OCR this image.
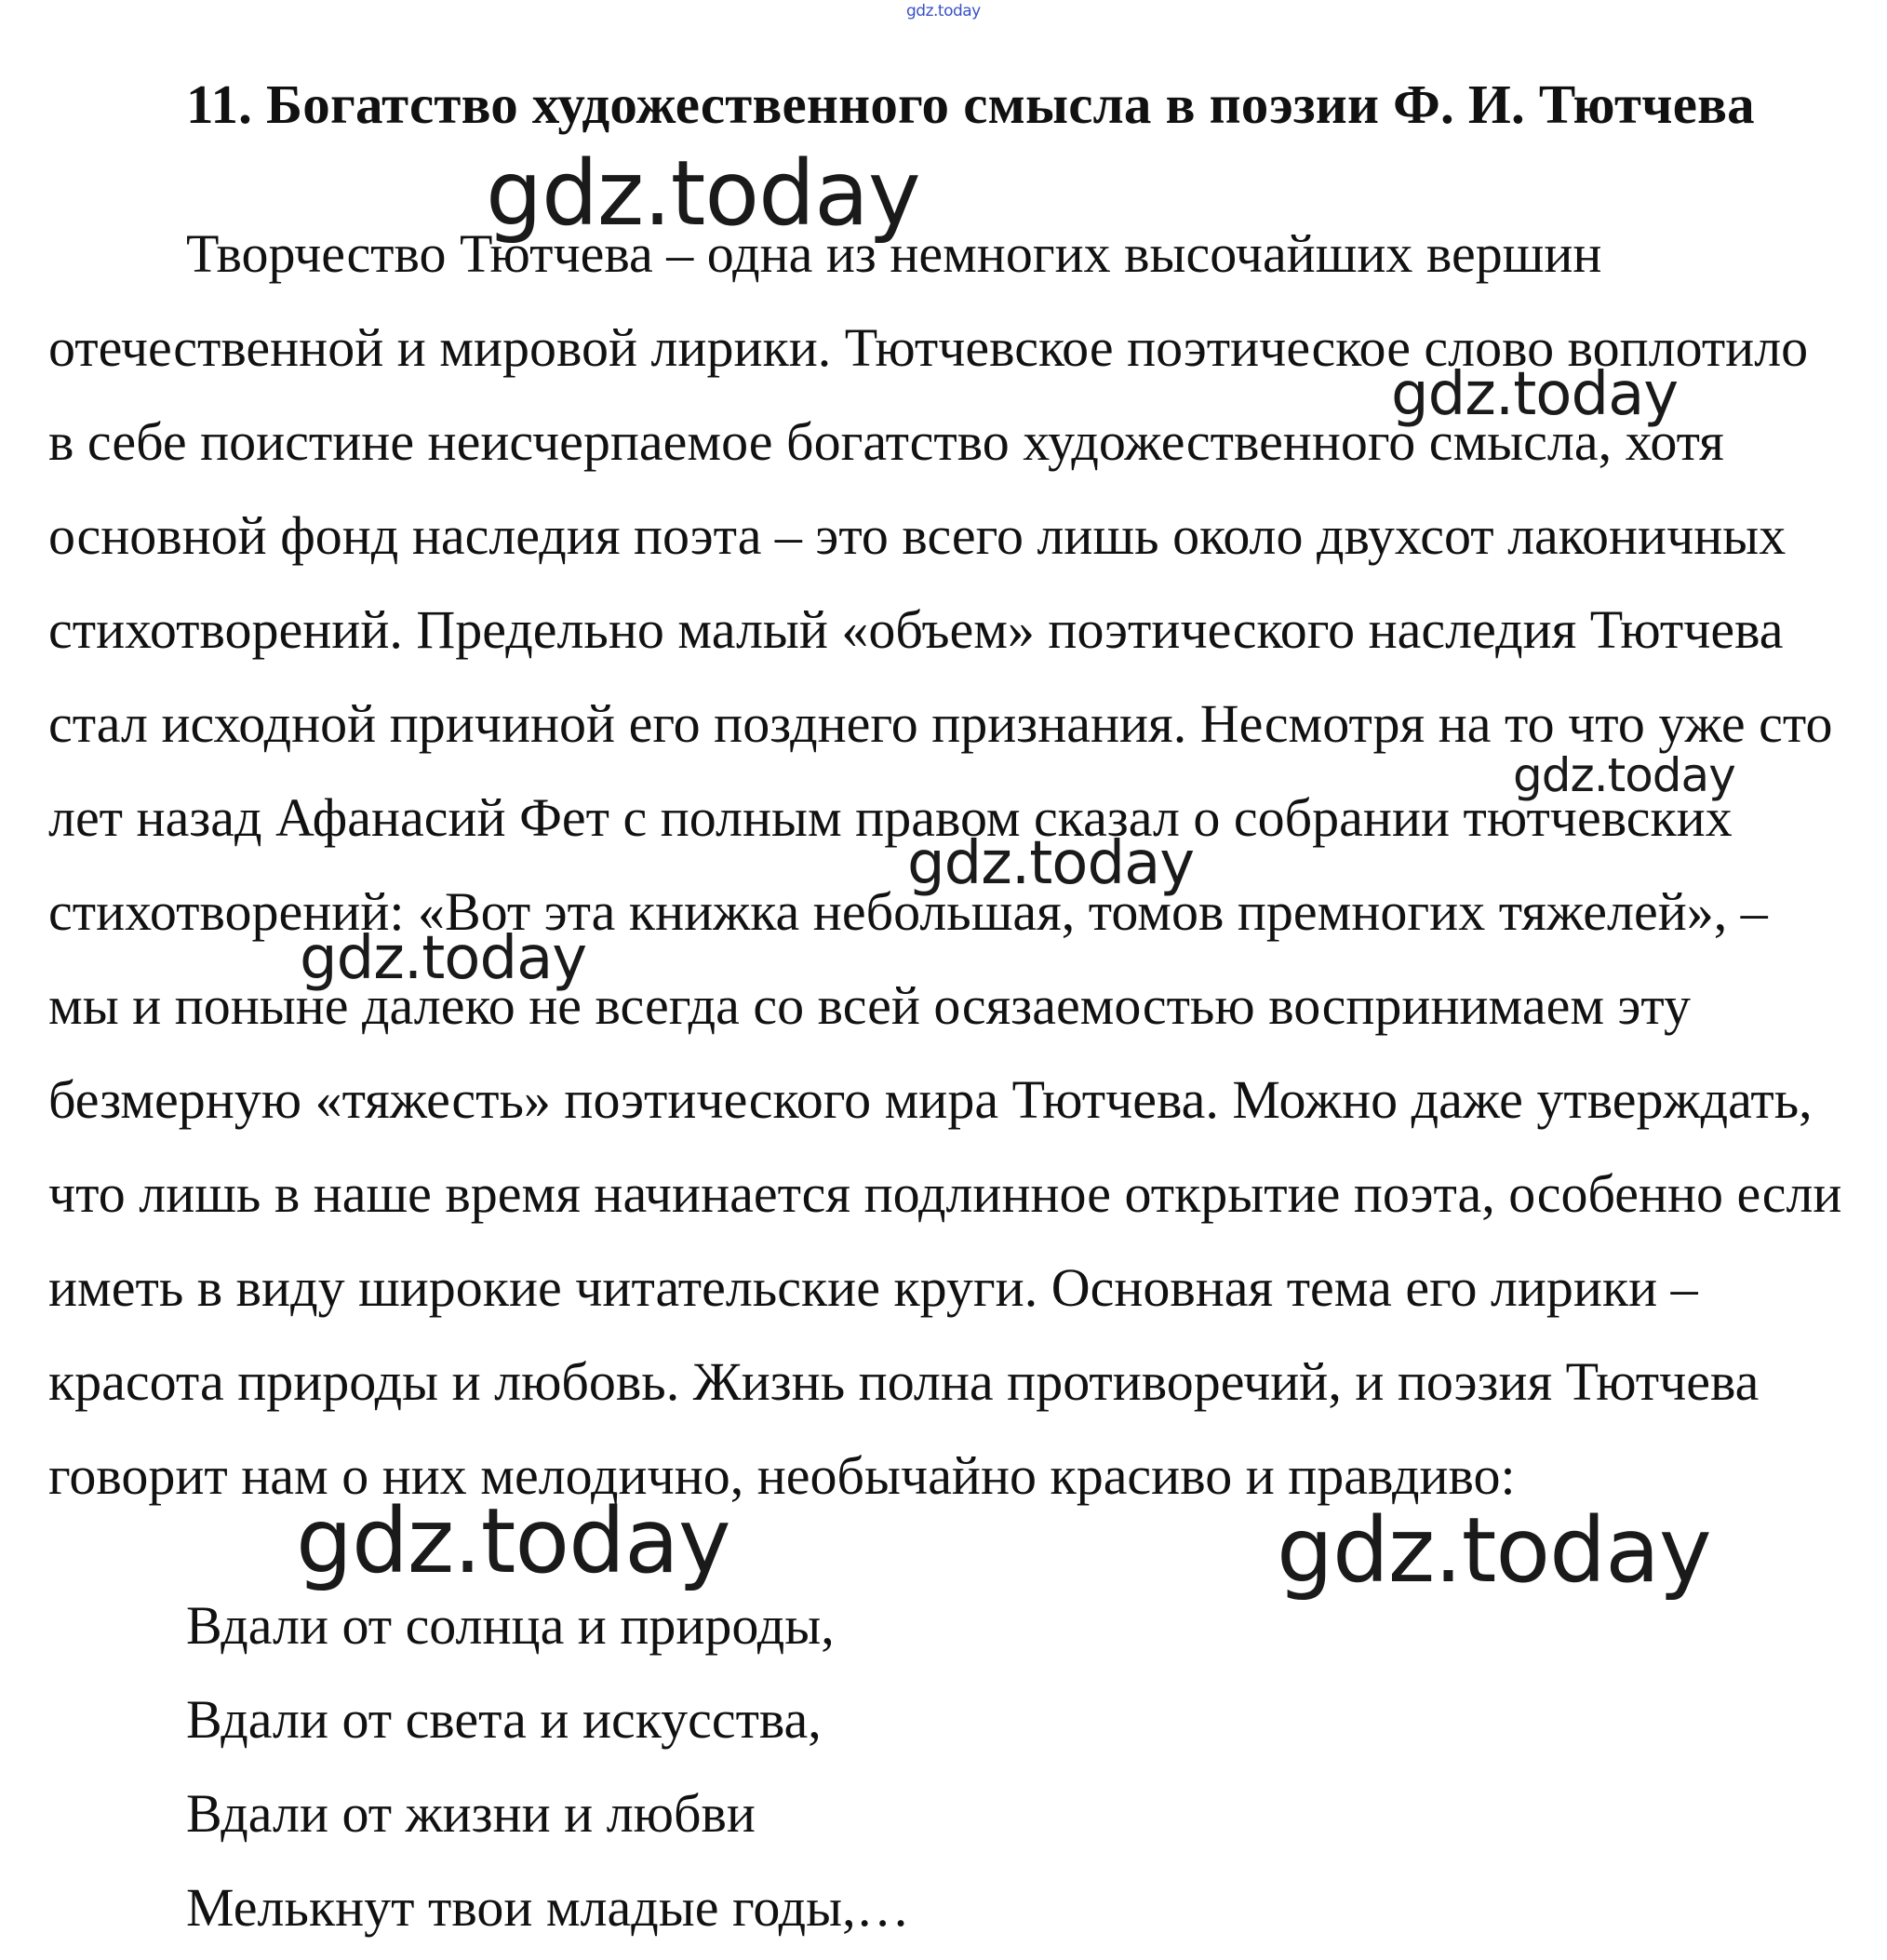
gdz.today
11. Богатство художественного смысла в поэзии Ф. И. Тютчева

Творчество Тютчева – одна из немногих высочайших вершин

отечественной и мировой лирики. Тютчевское поэтическое слово воплотило

в себе поистине неисчерпаемое богатство художественного смысла, хотя

основной фонд наследия поэта – это всего лишь около двухсот лаконичных

стихотворений. Предельно малый «объем» поэтического наследия Тютчева

стал исходной причиной его позднего признания. Несмотря на то что уже сто

лет назад Афанасий Фет с полным правом сказал о собрании тютчевских

стихотворений: «Вот эта книжка небольшая, томов премногих тяжелей», –

мы и поныне далеко не всегда со всей осязаемостью воспринимаем эту

безмерную «тяжесть» поэтического мира Тютчева. Можно даже утверждать,

что лишь в наше время начинается подлинное открытие поэта, особенно если

иметь в виду широкие читательские круги. Основная тема его лирики –

красота природы и любовь. Жизнь полна противоречий, и поэзия Тютчева

говорит нам о них мелодично, необычайно красиво и правдиво:

Вдали от солнца и природы,

Вдали от света и искусства,

Вдали от жизни и любви

Мелькнут твои младые годы,…

gdz.today
gdz.today
gdz.today
gdz.today
gdz.today
gdz.today	gdz.today
